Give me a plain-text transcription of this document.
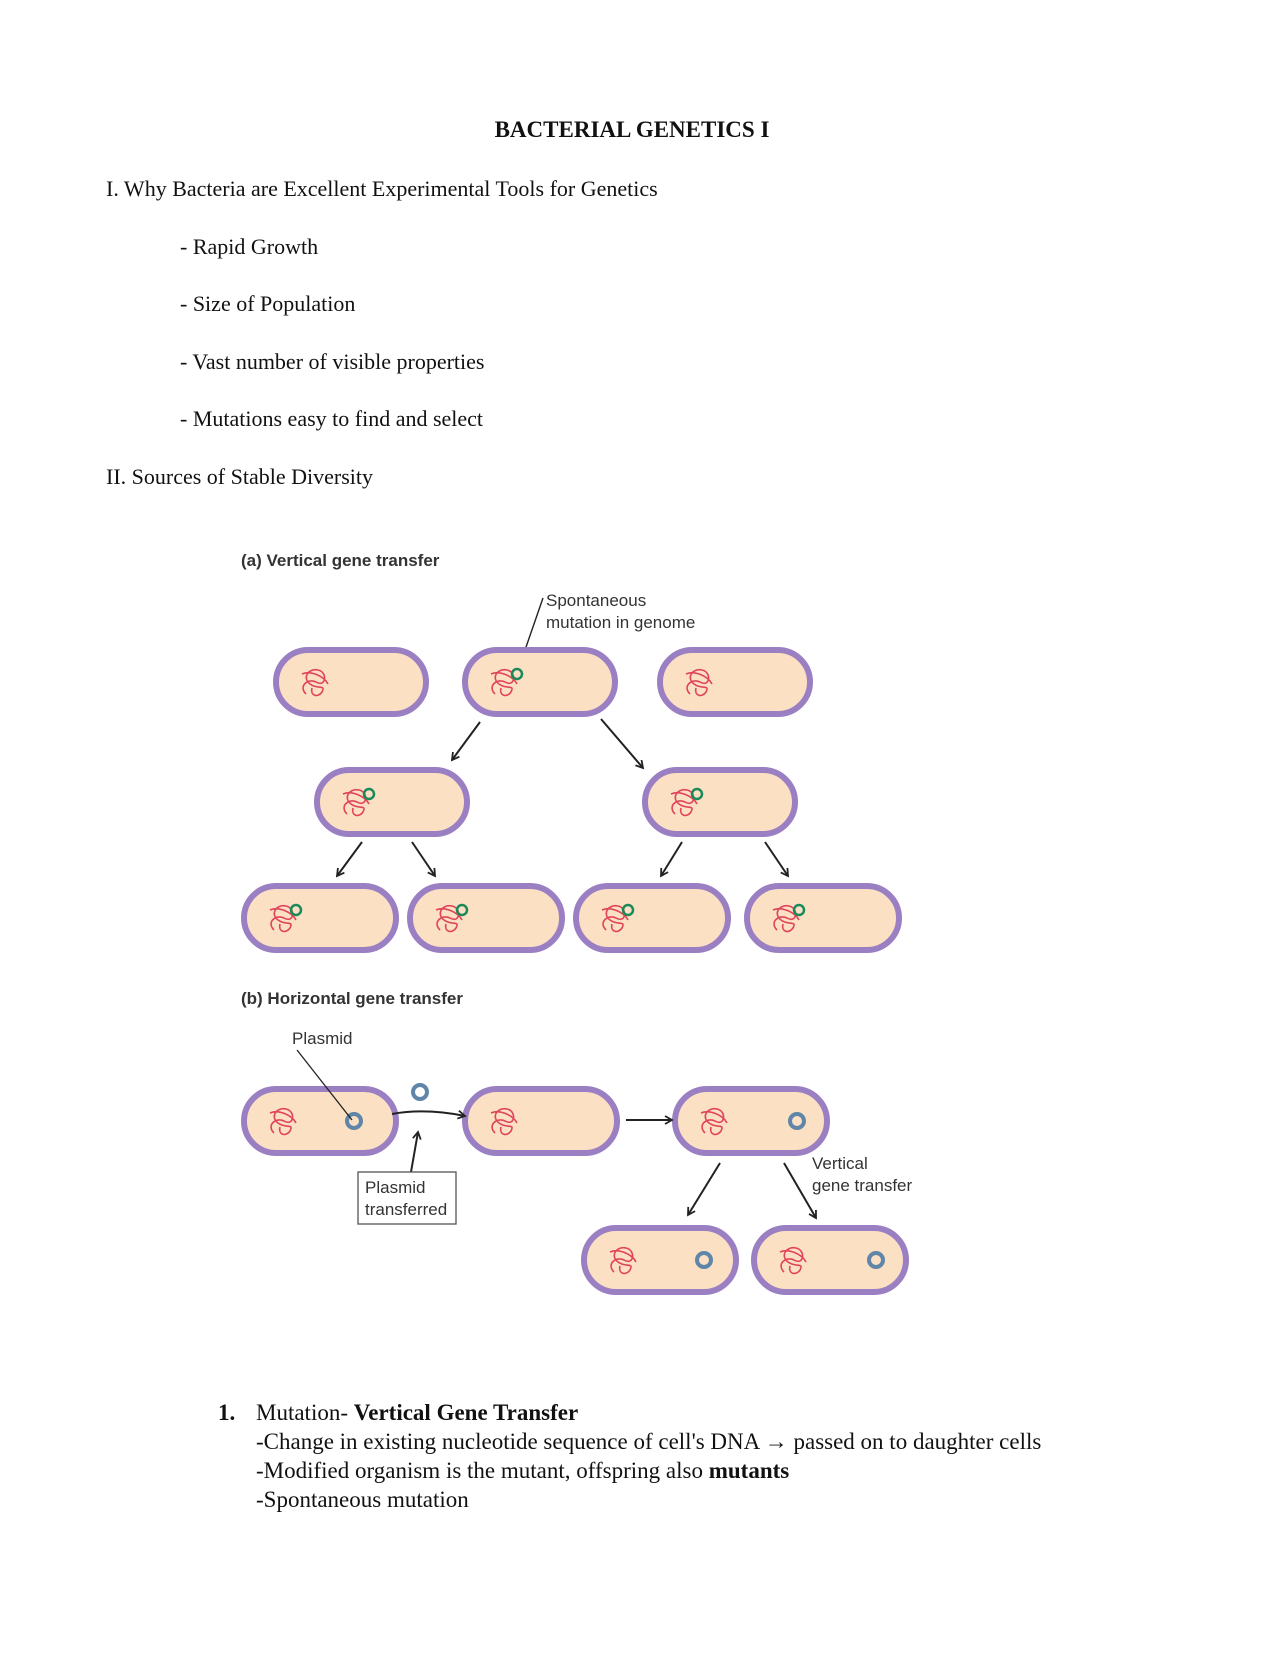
BACTERIAL GENETICS I
I. Why Bacteria are Excellent Experimental Tools for Genetics
- Rapid Growth
- Size of Population
- Vast number of visible properties
- Mutations easy to find and select
II. Sources of Stable Diversity
(a) Vertical gene transfer
Spontaneous
mutation in genome
(b) Horizontal gene transfer
Plasmid
Plasmid
transferred
Vertical
gene transfer
1. Mutation- Vertical Gene Transfer
-Change in existing nucleotide sequence of cell's DNA → passed on to daughter cells
-Modified organism is the mutant, offspring also mutants
-Spontaneous mutation
